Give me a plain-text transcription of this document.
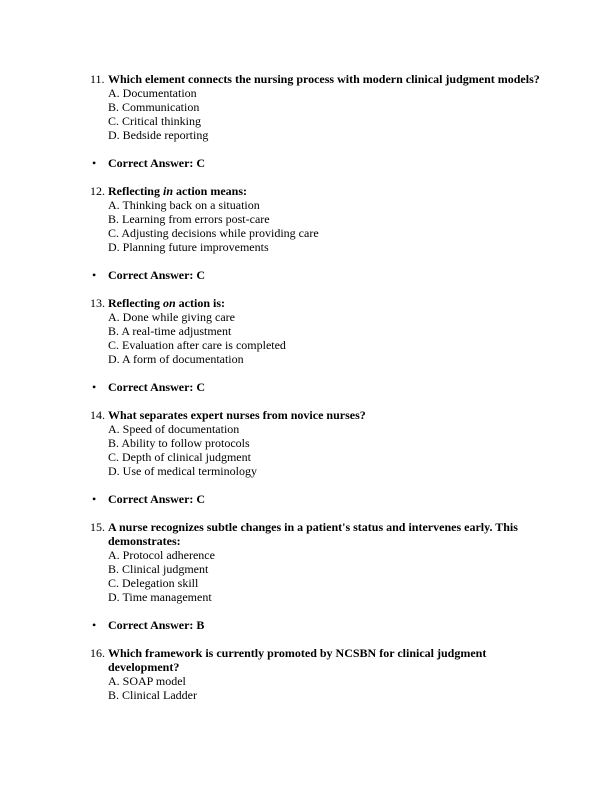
11. Which element connects the nursing process with modern clinical judgment models?
A. Documentation
B. Communication
C. Critical thinking
D. Bedside reporting
• Correct Answer: C
12. Reflecting in action means:
A. Thinking back on a situation
B. Learning from errors post-care
C. Adjusting decisions while providing care
D. Planning future improvements
• Correct Answer: C
13. Reflecting on action is:
A. Done while giving care
B. A real-time adjustment
C. Evaluation after care is completed
D. A form of documentation
• Correct Answer: C
14. What separates expert nurses from novice nurses?
A. Speed of documentation
B. Ability to follow protocols
C. Depth of clinical judgment
D. Use of medical terminology
• Correct Answer: C
15. A nurse recognizes subtle changes in a patient's status and intervenes early. This demonstrates:
A. Protocol adherence
B. Clinical judgment
C. Delegation skill
D. Time management
• Correct Answer: B
16. Which framework is currently promoted by NCSBN for clinical judgment development?
A. SOAP model
B. Clinical Ladder
